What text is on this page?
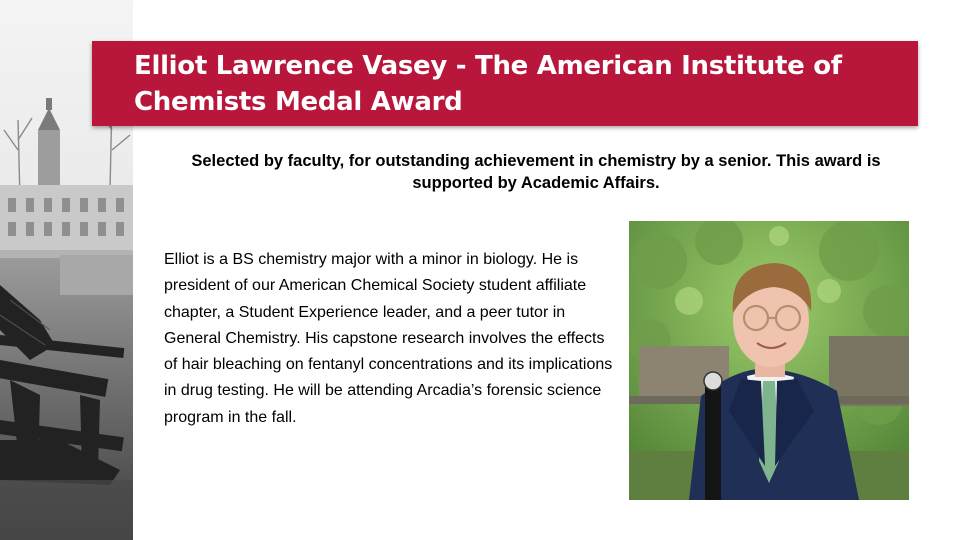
Elliot Lawrence Vasey - The American Institute of Chemists Medal Award

Selected by faculty, for outstanding achievement in chemistry by a senior. This award is supported by Academic Affairs.

Elliot is a BS chemistry major with a minor in biology. He is president of our American Chemical Society student affiliate chapter, a Student Experience leader, and a peer tutor in General Chemistry. His capstone research involves the effects of hair bleaching on fentanyl concentrations and its implications in drug testing. He will be attending Arcadia’s forensic science program in the fall.
